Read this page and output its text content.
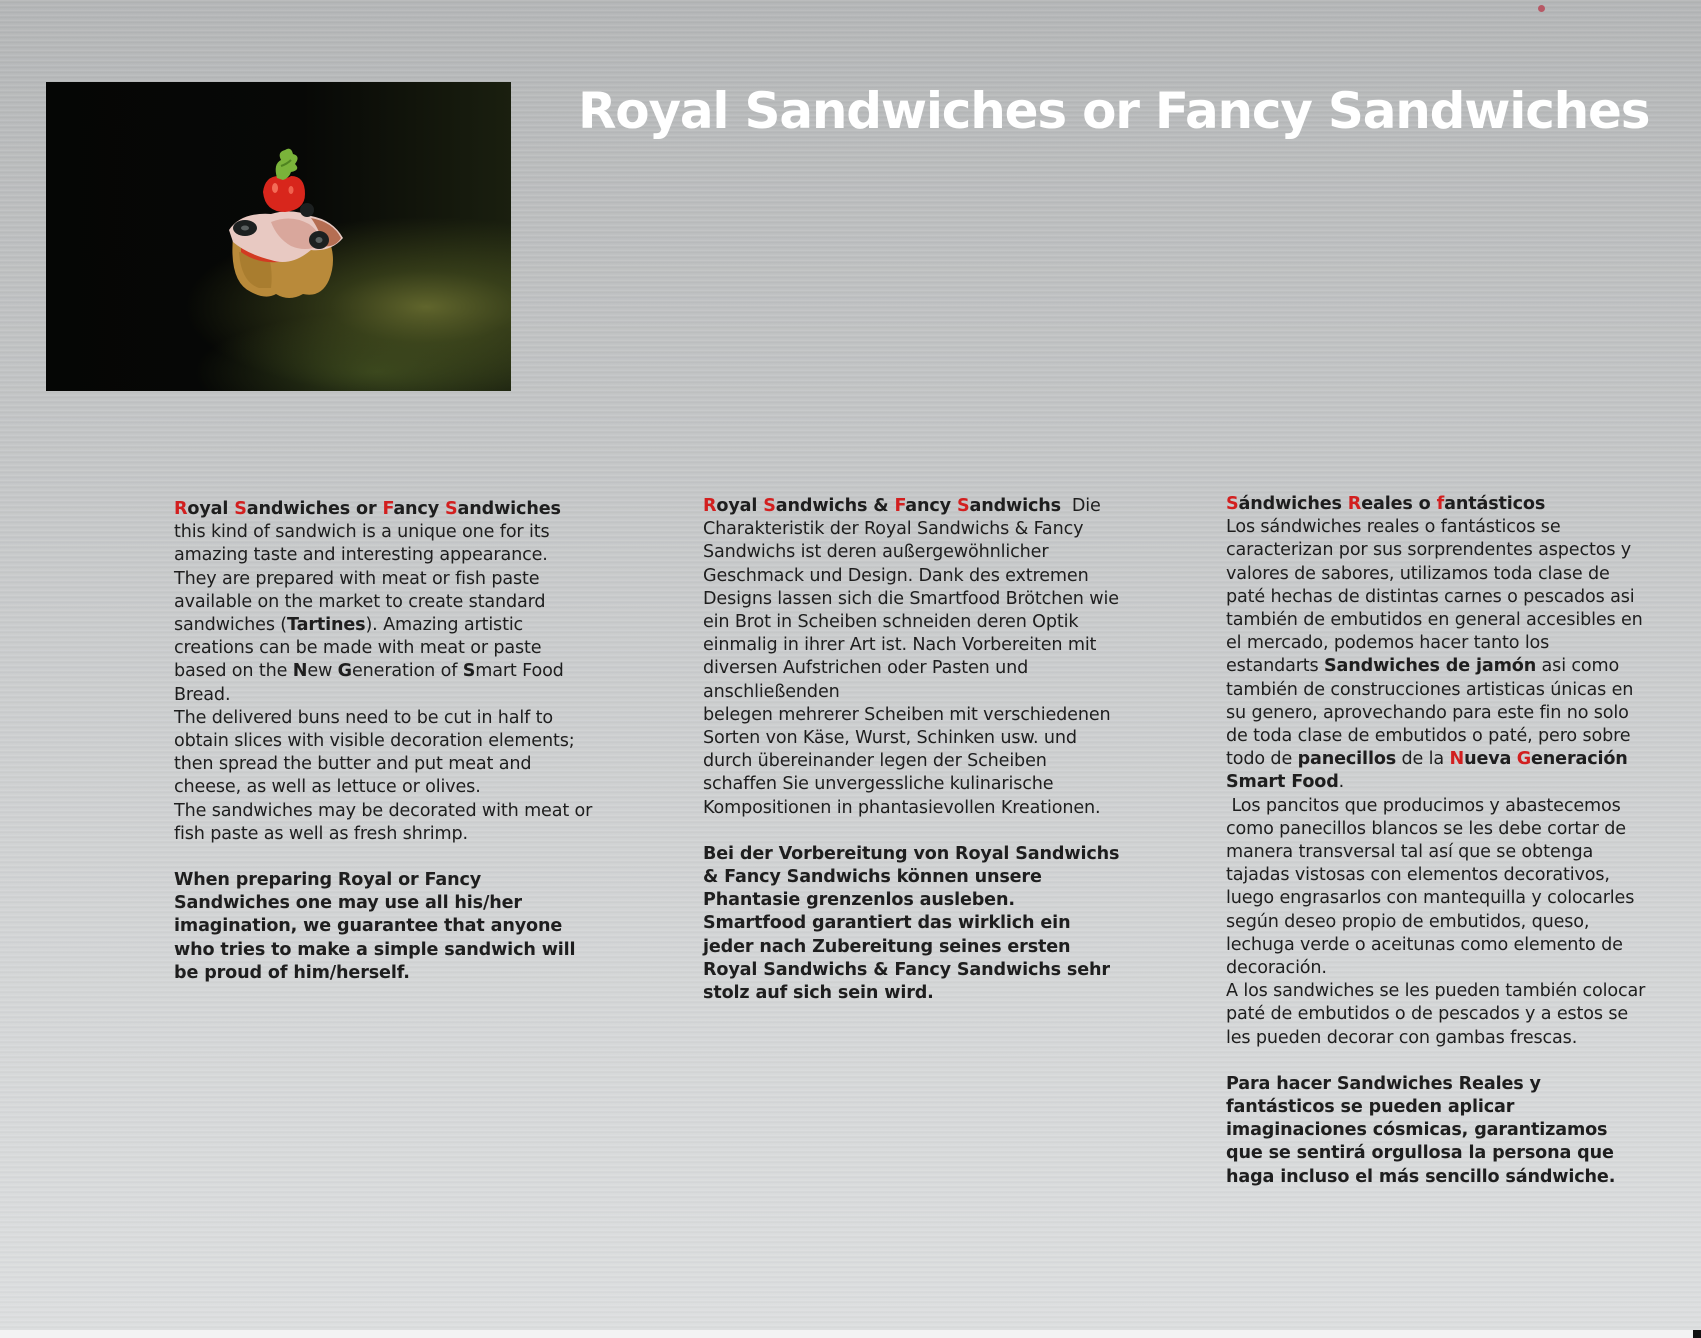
Royal Sandwiches or Fancy Sandwiches

Royal Sandwiches or Fancy Sandwiches

this kind of sandwich is a unique one for its amazing taste and interesting appearance. They are prepared with meat or fish paste available on the market to create standard sandwiches (Tartines). Amazing artistic creations can be made with meat or paste based on the New Generation of Smart Food Bread.

The delivered buns need to be cut in half to obtain slices with visible decoration elements; then spread the butter and put meat and cheese, as well as lettuce or olives.

The sandwiches may be decorated with meat or fish paste as well as fresh shrimp.

When preparing Royal or Fancy Sandwiches one may use all his/her imagination, we guarantee that anyone who tries to make a simple sandwich will be proud of him/herself.

Royal Sandwichs & Fancy Sandwichs  Die

Charakteristik der Royal Sandwichs & Fancy Sandwichs ist deren außergewöhnlicher Geschmack und Design. Dank des extremen Designs lassen sich die Smartfood Brötchen wie ein Brot in Scheiben schneiden deren Optik einmalig in ihrer Art ist. Nach Vorbereiten mit diversen Aufstrichen oder Pasten und anschließenden

belegen mehrerer Scheiben mit verschiedenen Sorten von Käse, Wurst, Schinken usw. und durch übereinander legen der Scheiben schaffen Sie unvergessliche kulinarische Kompositionen in phantasievollen Kreationen.

Bei der Vorbereitung von Royal Sandwichs & Fancy Sandwichs können unsere Phantasie grenzenlos ausleben. Smartfood garantiert das wirklich ein jeder nach Zubereitung seines ersten Royal Sandwichs & Fancy Sandwichs sehr stolz auf sich sein wird.

Sándwiches Reales o fantásticos

Los sándwiches reales o fantásticos se caracterizan por sus sorprendentes aspectos y valores de sabores, utilizamos toda clase de paté hechas de distintas carnes o pescados asi también de embutidos en general accesibles en el mercado, podemos hacer tanto los estandarts Sandwiches de jamón asi como también de construcciones artisticas únicas en su genero, aprovechando para este fin no solo de toda clase de embutidos o paté, pero sobre todo de panecillos de la Nueva Generación Smart Food.

Los pancitos que producimos y abastecemos como panecillos blancos se les debe cortar de manera transversal tal así que se obtenga tajadas vistosas con elementos decorativos, luego engrasarlos con mantequilla y colocarles según deseo propio de embutidos, queso, lechuga verde o aceitunas como elemento de decoración.

A los sandwiches se les pueden también colocar paté de embutidos o de pescados y a estos se les pueden decorar con gambas frescas.

Para hacer Sandwiches Reales y fantásticos se pueden aplicar imaginaciones cósmicas, garantizamos que se sentirá orgullosa la persona que haga incluso el más sencillo sándwiche.
